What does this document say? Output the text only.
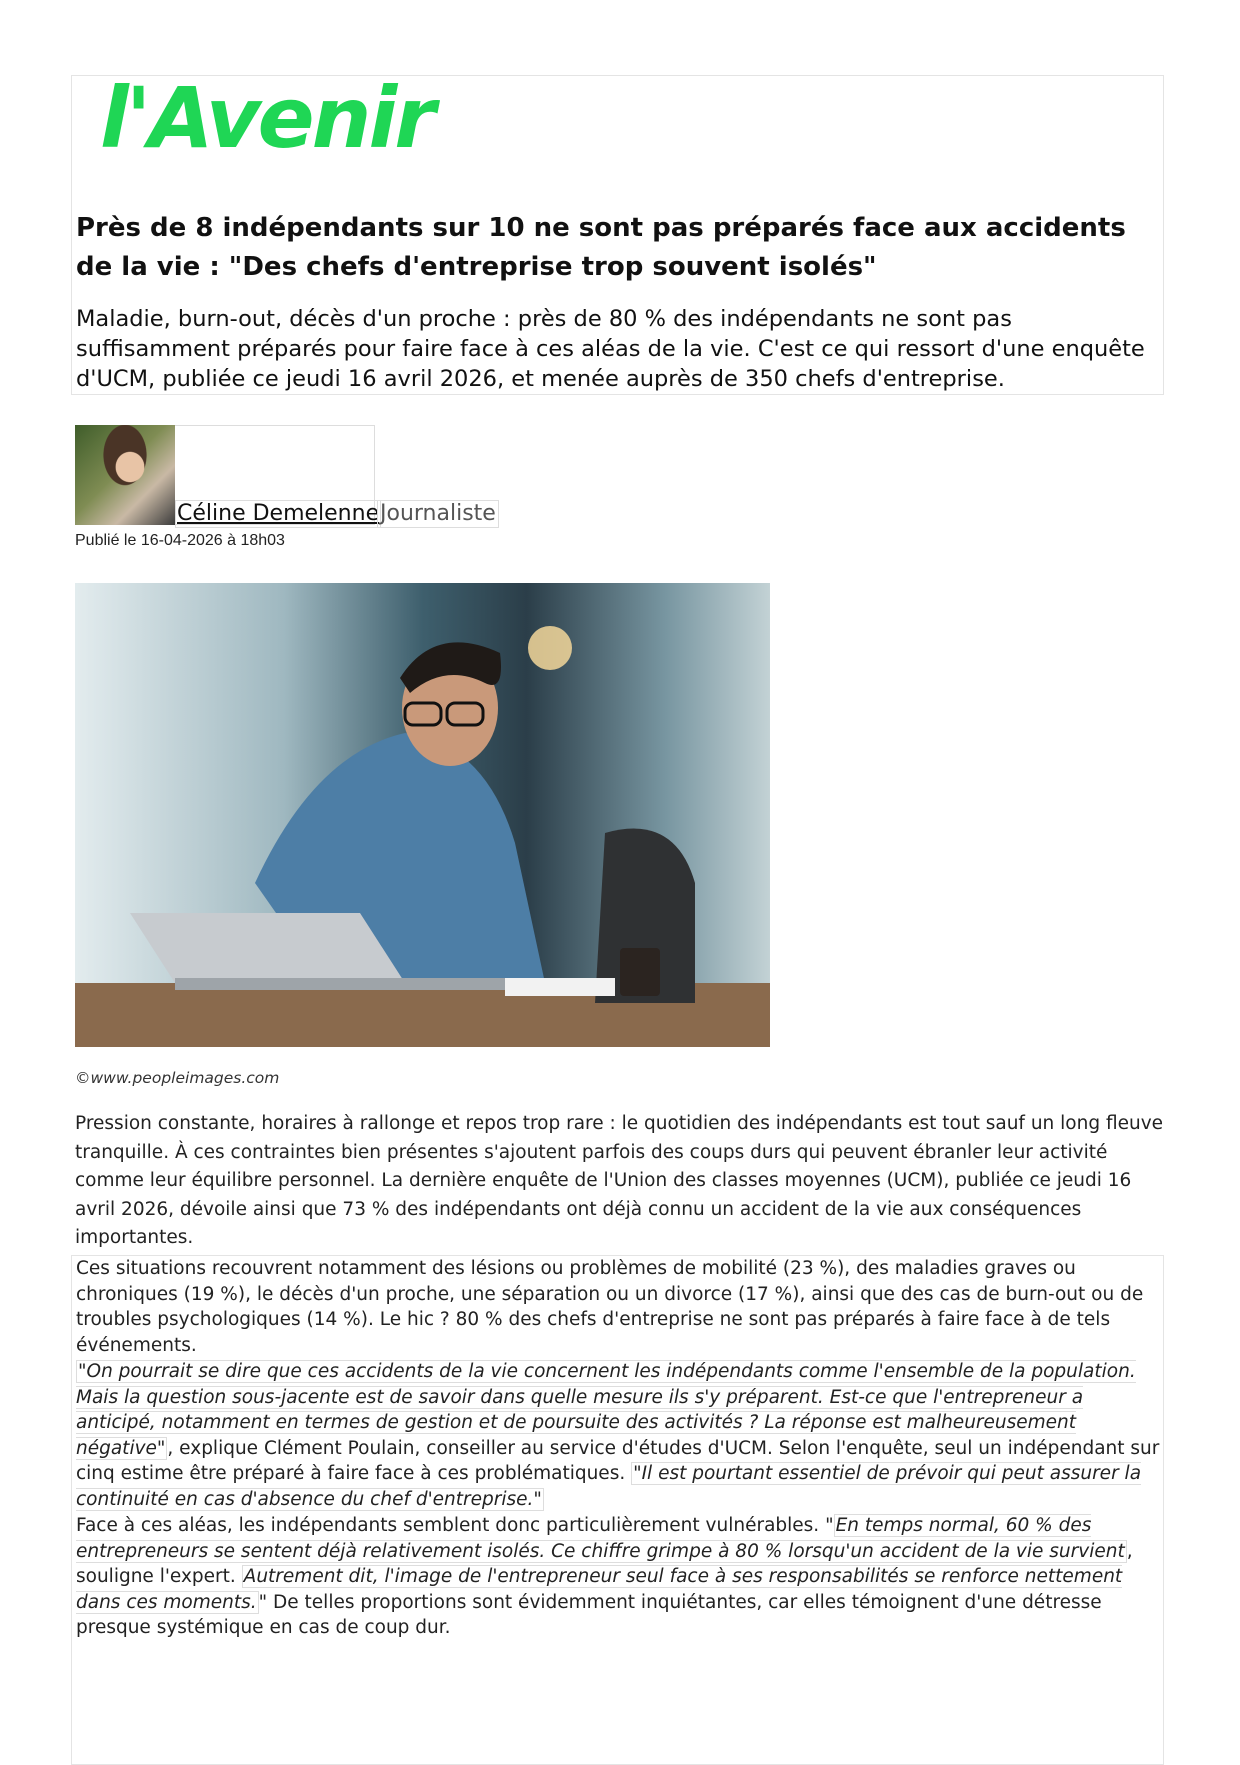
l'Avenir
Près de 8 indépendants sur 10 ne sont pas préparés face aux accidents de la vie : "Des chefs d'entreprise trop souvent isolés"

Maladie, burn-out, décès d'un proche : près de 80 % des indépendants ne sont pas suffisamment préparés pour faire face à ces aléas de la vie. C'est ce qui ressort d'une enquête d'UCM, publiée ce jeudi 16 avril 2026, et menée auprès de 350 chefs d'entreprise.

Céline Demelenne Journaliste
Publié le 16-04-2026 à 18h03
©www.peopleimages.com

Pression constante, horaires à rallonge et repos trop rare : le quotidien des indépendants est tout sauf un long fleuve tranquille. À ces contraintes bien présentes s'ajoutent parfois des coups durs qui peuvent ébranler leur activité comme leur équilibre personnel. La dernière enquête de l'Union des classes moyennes (UCM), publiée ce jeudi 16 avril 2026, dévoile ainsi que 73 % des indépendants ont déjà connu un accident de la vie aux conséquences importantes.

Ces situations recouvrent notamment des lésions ou problèmes de mobilité (23 %), des maladies graves ou chroniques (19 %), le décès d'un proche, une séparation ou un divorce (17 %), ainsi que des cas de burn-out ou de troubles psychologiques (14 %). Le hic ? 80 % des chefs d'entreprise ne sont pas préparés à faire face à de tels événements.

"On pourrait se dire que ces accidents de la vie concernent les indépendants comme l'ensemble de la population. Mais la question sous-jacente est de savoir dans quelle mesure ils s'y préparent. Est-ce que l'entrepreneur a anticipé, notamment en termes de gestion et de poursuite des activités ? La réponse est malheureusement négative" , explique Clément Poulain, conseiller au service d'études d'UCM. Selon l'enquête, seul un indépendant sur cinq estime être préparé à faire face à ces problématiques. "Il est pourtant essentiel de prévoir qui peut assurer la continuité en cas d'absence du chef d'entreprise."

Face à ces aléas, les indépendants semblent donc particulièrement vulnérables. " En temps normal, 60 % des entrepreneurs se sentent déjà relativement isolés. Ce chiffre grimpe à 80 % lorsqu'un accident de la vie survient , souligne l'expert. Autrement dit, l'image de l'entrepreneur seul face à ses responsabilités se renforce nettement dans ces moments. " De telles proportions sont évidemment inquiétantes, car elles témoignent d'une détresse presque systémique en cas de coup dur.
